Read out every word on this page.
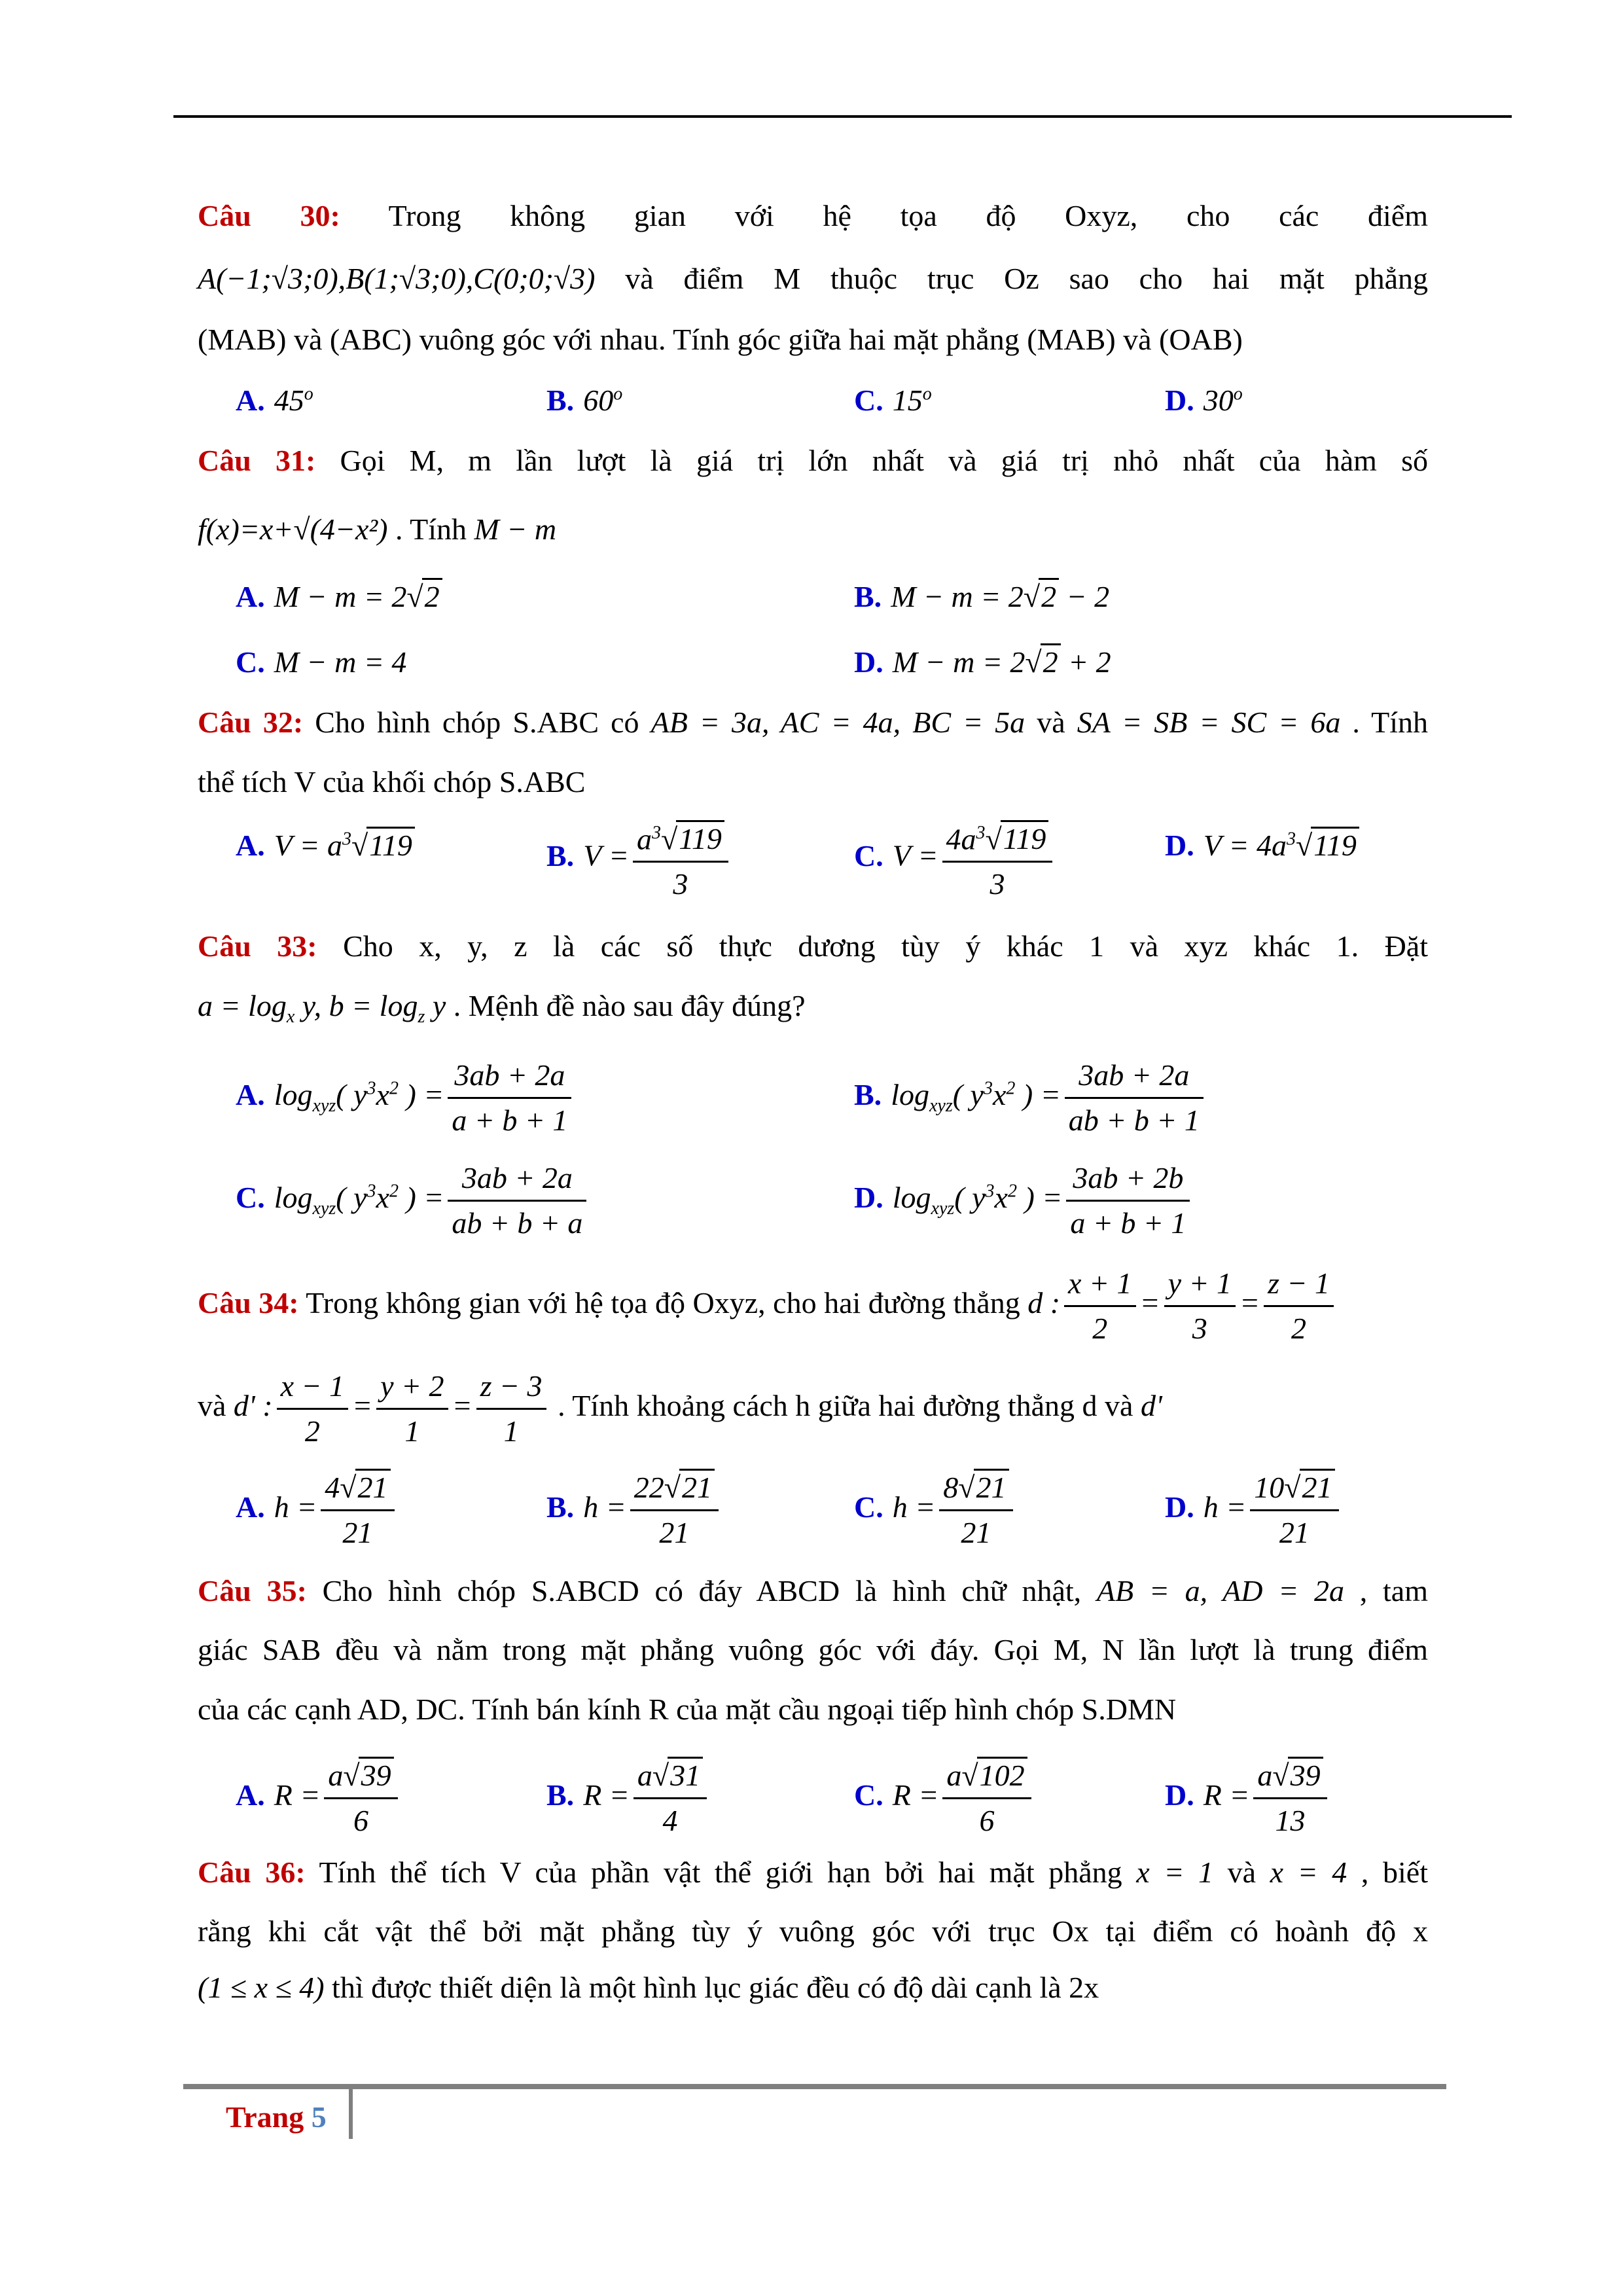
Câu 30: Trong không gian với hệ tọa độ Oxyz, cho các điểm
A(−1;√3;0),B(1;√3;0),C(0;0;√3) và điểm M thuộc trục Oz sao cho hai mặt phẳng
(MAB) và (ABC) vuông góc với nhau. Tính góc giữa hai mặt phẳng (MAB) và (OAB)
A. 45$^o$	B. 60$^o$	C. 15$^o$	D. 30$^o$
Câu 31: Gọi M, m lần lượt là giá trị lớn nhất và giá trị nhỏ nhất của hàm số
f(x)=x+√(4−x²) . Tính M − m
A. M − m = 2√2	B. M − m = 2√2 − 2
C. M − m = 4	D. M − m = 2√2 + 2
Câu 32: Cho hình chóp S.ABC có AB = 3a, AC = 4a, BC = 5a và SA = SB = SC = 6a . Tính
thể tích V của khối chóp S.ABC
A. $V = a^3√119$	B. $V = \frac{a^3√119}{3}$	C. $V = \frac{4a^3√119}{3}$	D. $V = 4a^3√119$
Câu 33: Cho x, y, z là các số thực dương tùy ý khác 1 và xyz khác 1. Đặt
$a = \log_x y$, $b = \log_z y$ . Mệnh đề nào sau đây đúng?
A. $\log_{xyz}$( $y^3x^2$ ) = $\frac{3ab + 2a}{a + b + 1}$	B. $\log_{xyz}$( $y^3x^2$ ) = $\frac{3ab + 2a}{ab + b + 1}$
C. $\log_{xyz}$( $y^3x^2$ ) = $\frac{3ab + 2a}{ab + b + a}$	D. $\log_{xyz}$( $y^3x^2$ ) = $\frac{3ab + 2b}{a + b + 1}$
Câu 34: Trong không gian với hệ tọa độ Oxyz, cho hai đường thẳng d : $\frac{x + 1}{2} = \frac{y + 1}{3} = \frac{z - 1}{2}$
và d' : $\frac{x - 1}{2} = \frac{y + 2}{1} = \frac{z - 3}{1}$ . Tính khoảng cách h giữa hai đường thẳng d và d'
A. $h = \frac{4√21}{21}$	B. $h = \frac{22√21}{21}$	C. $h = \frac{8√21}{21}$	D. $h = \frac{10√21}{21}$
Câu 35: Cho hình chóp S.ABCD có đáy ABCD là hình chữ nhật, AB = a, AD = 2a , tam
giác SAB đều và nằm trong mặt phẳng vuông góc với đáy. Gọi M, N lần lượt là trung điểm
của các cạnh AD, DC. Tính bán kính R của mặt cầu ngoại tiếp hình chóp S.DMN
A. $R = \frac{a√39}{6}$	B. $R = \frac{a√31}{4}$	C. $R = \frac{a√102}{6}$	D. $R = \frac{a√39}{13}$
Câu 36: Tính thể tích V của phần vật thể giới hạn bởi hai mặt phẳng x = 1 và x = 4 , biết
rằng khi cắt vật thể bởi mặt phẳng tùy ý vuông góc với trục Ox tại điểm có hoành độ x
(1 ≤ x ≤ 4) thì được thiết diện là một hình lục giác đều có độ dài cạnh là 2x
Trang 5
